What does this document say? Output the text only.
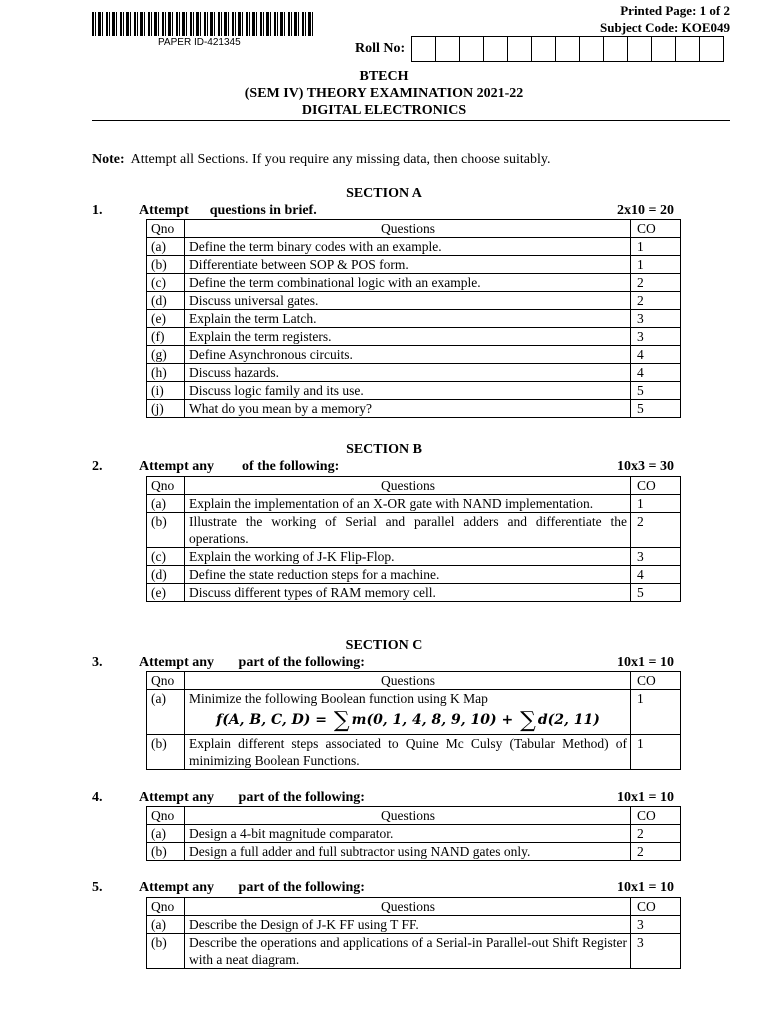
PAPER ID-421345
Printed Page: 1 of 2
Subject Code: KOE049
Roll No:
BTECH
(SEM IV) THEORY EXAMINATION 2021-22
DIGITAL ELECTRONICS
Note: Attempt all Sections. If you require any missing data, then choose suitably.
SECTION A
1.	Attempt      questions in brief.	2x10 = 20
Qno	Questions	CO
(a)	Define the term binary codes with an example.	1
(b)	Differentiate between SOP & POS form.	1
(c)	Define the term combinational logic with an example.	2
(d)	Discuss universal gates.	2
(e)	Explain the term Latch.	3
(f)	Explain the term registers.	3
(g)	Define Asynchronous circuits.	4
(h)	Discuss hazards.	4
(i)	Discuss logic family and its use.	5
(j)	What do you mean by a memory?	5
SECTION B
2.	Attempt any        of the following:	10x3 = 30
Qno	Questions	CO
(a)	Explain the implementation of an X-OR gate with NAND implementation.	1
(b)	Illustrate the working of Serial and parallel adders and differentiate the operations.	2
(c)	Explain the working of J-K Flip-Flop.	3
(d)	Define the state reduction steps for a machine.	4
(e)	Discuss different types of RAM memory cell.	5
SECTION C
3.	Attempt any       part of the following:	10x1 = 10
Qno	Questions	CO
(a)	Minimize the following Boolean function using K Map
f(A, B, C, D) = ∑ m(0, 1, 4, 8, 9, 10) + ∑ d(2, 11)	1
(b)	Explain different steps associated to Quine Mc Culsy (Tabular Method) of minimizing Boolean Functions.	1
4.	Attempt any       part of the following:	10x1 = 10
Qno	Questions	CO
(a)	Design a 4-bit magnitude comparator.	2
(b)	Design a full adder and full subtractor using NAND gates only.	2
5.	Attempt any       part of the following:	10x1 = 10
Qno	Questions	CO
(a)	Describe the Design of J-K FF using T FF.	3
(b)	Describe the operations and applications of a Serial-in Parallel-out Shift Register with a neat diagram.	3
